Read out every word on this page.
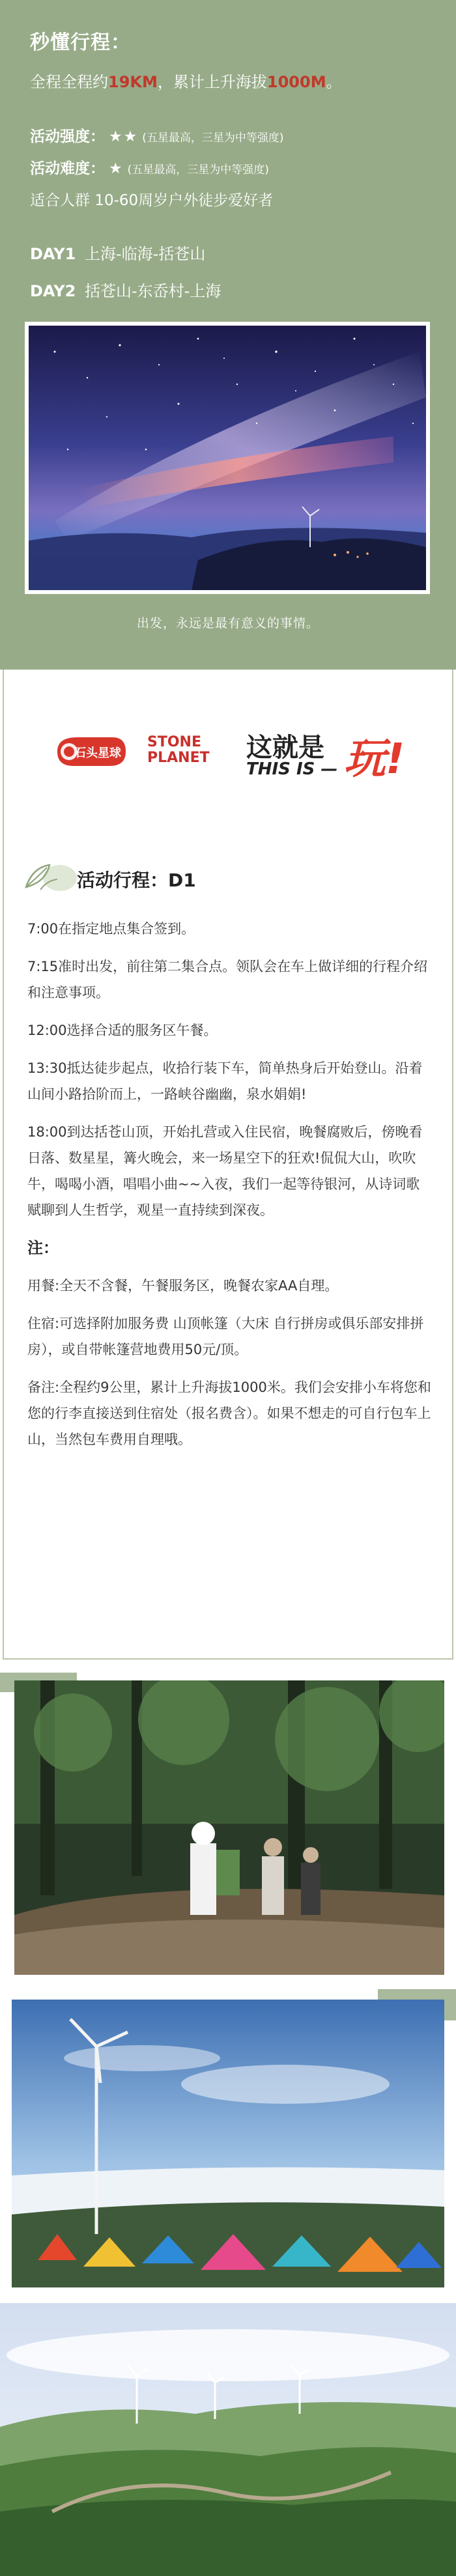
秒懂行程：
全程全程约19KM，累计上升海拔1000M。
活动强度： ★★ (五星最高，三星为中等强度)
活动难度： ★ (五星最高，三星为中等强度)
适合人群 10-60周岁户外徒步爱好者
DAY1 上海-临海-括苍山
DAY2 括苍山-东岙村-上海
出发，永远是最有意义的事情。
石头星球
STONE
PLANET 这就是
THIS IS — 玩!
活动行程：D1

7:00在指定地点集合签到。

7:15准时出发，前往第二集合点。领队会在车上做详细的行程介绍和注意事项。

12:00选择合适的服务区午餐。

13:30抵达徒步起点，收拾行装下车，简单热身后开始登山。沿着山间小路拾阶而上，一路峡谷幽幽，泉水娟娟!

18:00到达括苍山顶，开始扎营或入住民宿，晚餐腐败后，傍晚看日落、数星星，篝火晚会，来一场星空下的狂欢!侃侃大山，吹吹牛，喝喝小酒，唱唱小曲~~入夜，我们一起等待银河，从诗词歌赋聊到人生哲学，观星一直持续到深夜。

注：

用餐:全天不含餐，午餐服务区，晚餐农家AA自理。

住宿:可选择附加服务费 山顶帐篷（大床 自行拼房或俱乐部安排拼房），或自带帐篷营地费用50元/顶。

备注:全程约9公里，累计上升海拔1000米。我们会安排小车将您和您的行李直接送到住宿处（报名费含）。如果不想走的可自行包车上山，当然包车费用自理哦。
